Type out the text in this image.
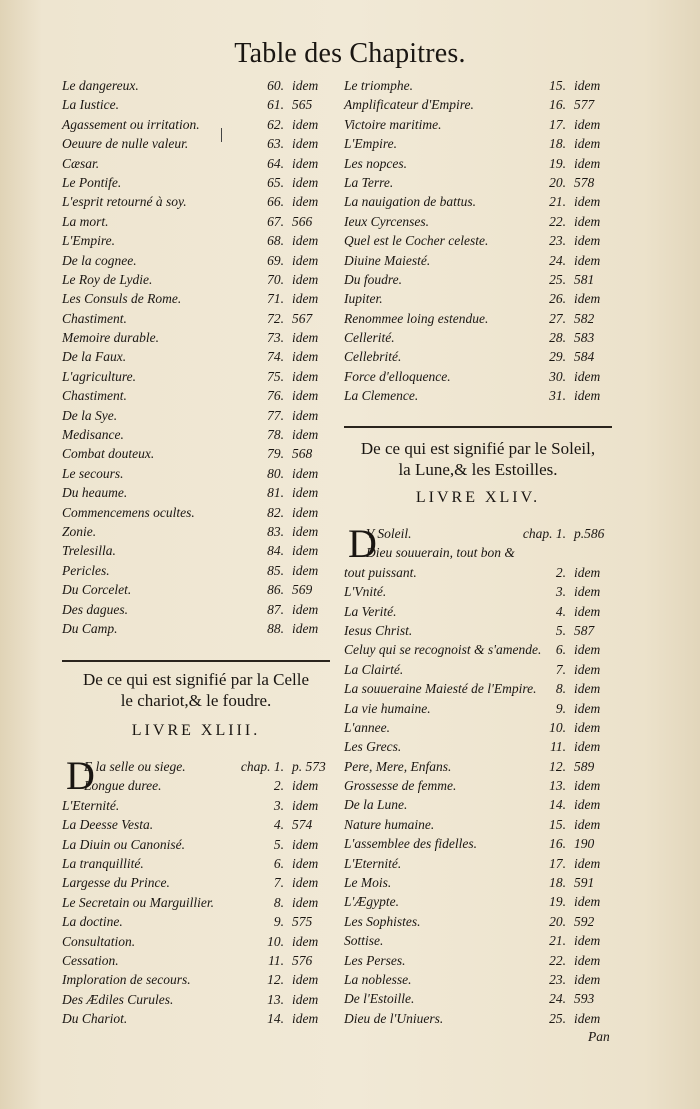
Table des Chapitres.
Le dangereux.	60. idem
La Iustice.	61. 565
Agassement ou irritation.	62. idem
Oeuure de nulle valeur.	63. idem
Cæsar.	64. idem
Le Pontife.	65. idem
L'esprit retourné à soy.	66. idem
La mort.	67. 566
L'Empire.	68. idem
De la cognee.	69. idem
Le Roy de Lydie.	70. idem
Les Consuls de Rome.	71. idem
Chastiment.	72. 567
Memoire durable.	73. idem
De la Faux.	74. idem
L'agriculture.	75. idem
Chastiment.	76. idem
De la Sye.	77. idem
Medisance.	78. idem
Combat douteux.	79. 568
Le secours.	80. idem
Du heaume.	81. idem
Commencemens ocultes.	82. idem
Zonie.	83. idem
Trelesilla.	84. idem
Pericles.	85. idem
Du Corcelet.	86. 569
Des dagues.	87. idem
Du Camp.	88. idem
De ce qui est signifié par la Celle
le chariot,& le foudre.
LIVRE XLIII.
D
E la selle ou siege.	chap. 1. p. 573
Longue duree.	2. idem
L'Eternité.	3. idem
La Deesse Vesta.	4. 574
La Diuin ou Canonisé.	5. idem
La tranquillité.	6. idem
Largesse du Prince.	7. idem
Le Secretain ou Marguillier.	8. idem
La doctine.	9. 575
Consultation.	10. idem
Cessation.	11. 576
Imploration de secours.	12. idem
Des Ædiles Curules.	13. idem
Du Chariot.	14. idem
Le triomphe.	15. idem
Amplificateur d'Empire.	16. 577
Victoire maritime.	17. idem
L'Empire.	18. idem
Les nopces.	19. idem
La Terre.	20. 578
La nauigation de battus.	21. idem
Ieux Cyrcenses.	22. idem
Quel est le Cocher celeste.	23. idem
Diuine Maiesté.	24. idem
Du foudre.	25. 581
Iupiter.	26. idem
Renommee loing estendue.	27. 582
Cellerité.	28. 583
Cellebrité.	29. 584
Force d'elloquence.	30. idem
La Clemence.	31. idem
De ce qui est signifié par le Soleil,
la Lune,& les Estoilles.
LIVRE XLIV.
D
V Soleil.	chap. 1. p.586
Dieu souuerain, tout bon &
tout puissant.	2. idem
L'Vnité.	3. idem
La Verité.	4. idem
Iesus Christ.	5. 587
Celuy qui se recognoist & s'amende.	6. idem
La Clairté.	7. idem
La souueraine Maiesté de l'Empire.	8. idem
La vie humaine.	9. idem
L'annee.	10. idem
Les Grecs.	11. idem
Pere, Mere, Enfans.	12. 589
Grossesse de femme.	13. idem
De la Lune.	14. idem
Nature humaine.	15. idem
L'assemblee des fidelles.	16. 190
L'Eternité.	17. idem
Le Mois.	18. 591
L'Ægypte.	19. idem
Les Sophistes.	20. 592
Sottise.	21. idem
Les Perses.	22. idem
La noblesse.	23. idem
De l'Estoille.	24. 593
Dieu de l'Uniuers.	25. idem
Pan
